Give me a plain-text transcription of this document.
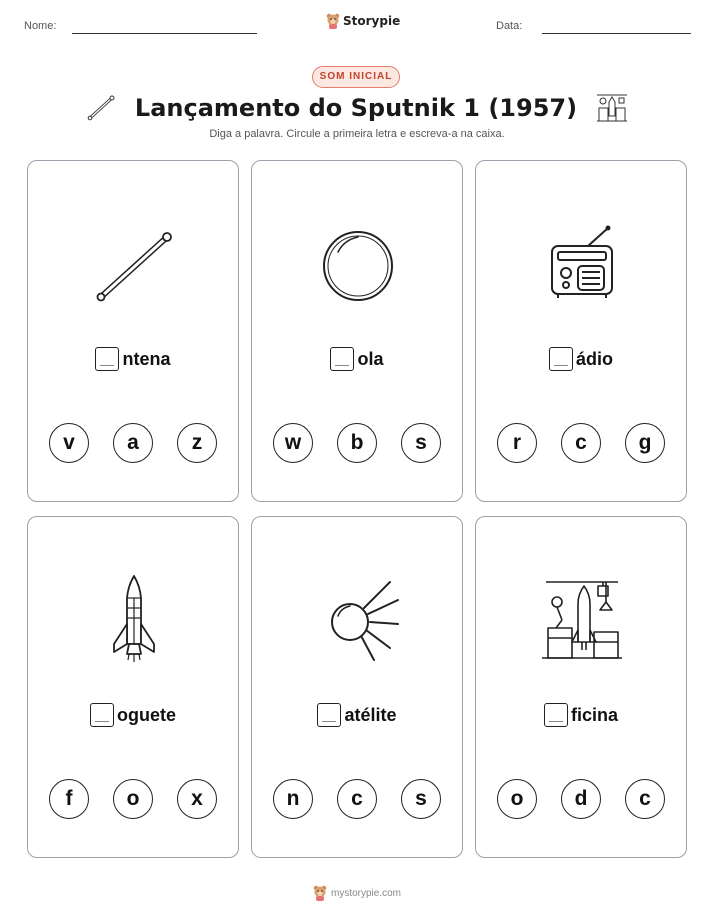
Nome:	Storypie	Data:
SOM INICIAL
Lançamento do Sputnik 1 (1957)
Diga a palavra. Circule a primeira letra e escreva-a na caixa.
ntena
v	a	z
ola
w	b	s
ádio
r	c	g
oguete
f	o	x
atélite
n	c	s
ficina
o	d	c
mystorypie.com
